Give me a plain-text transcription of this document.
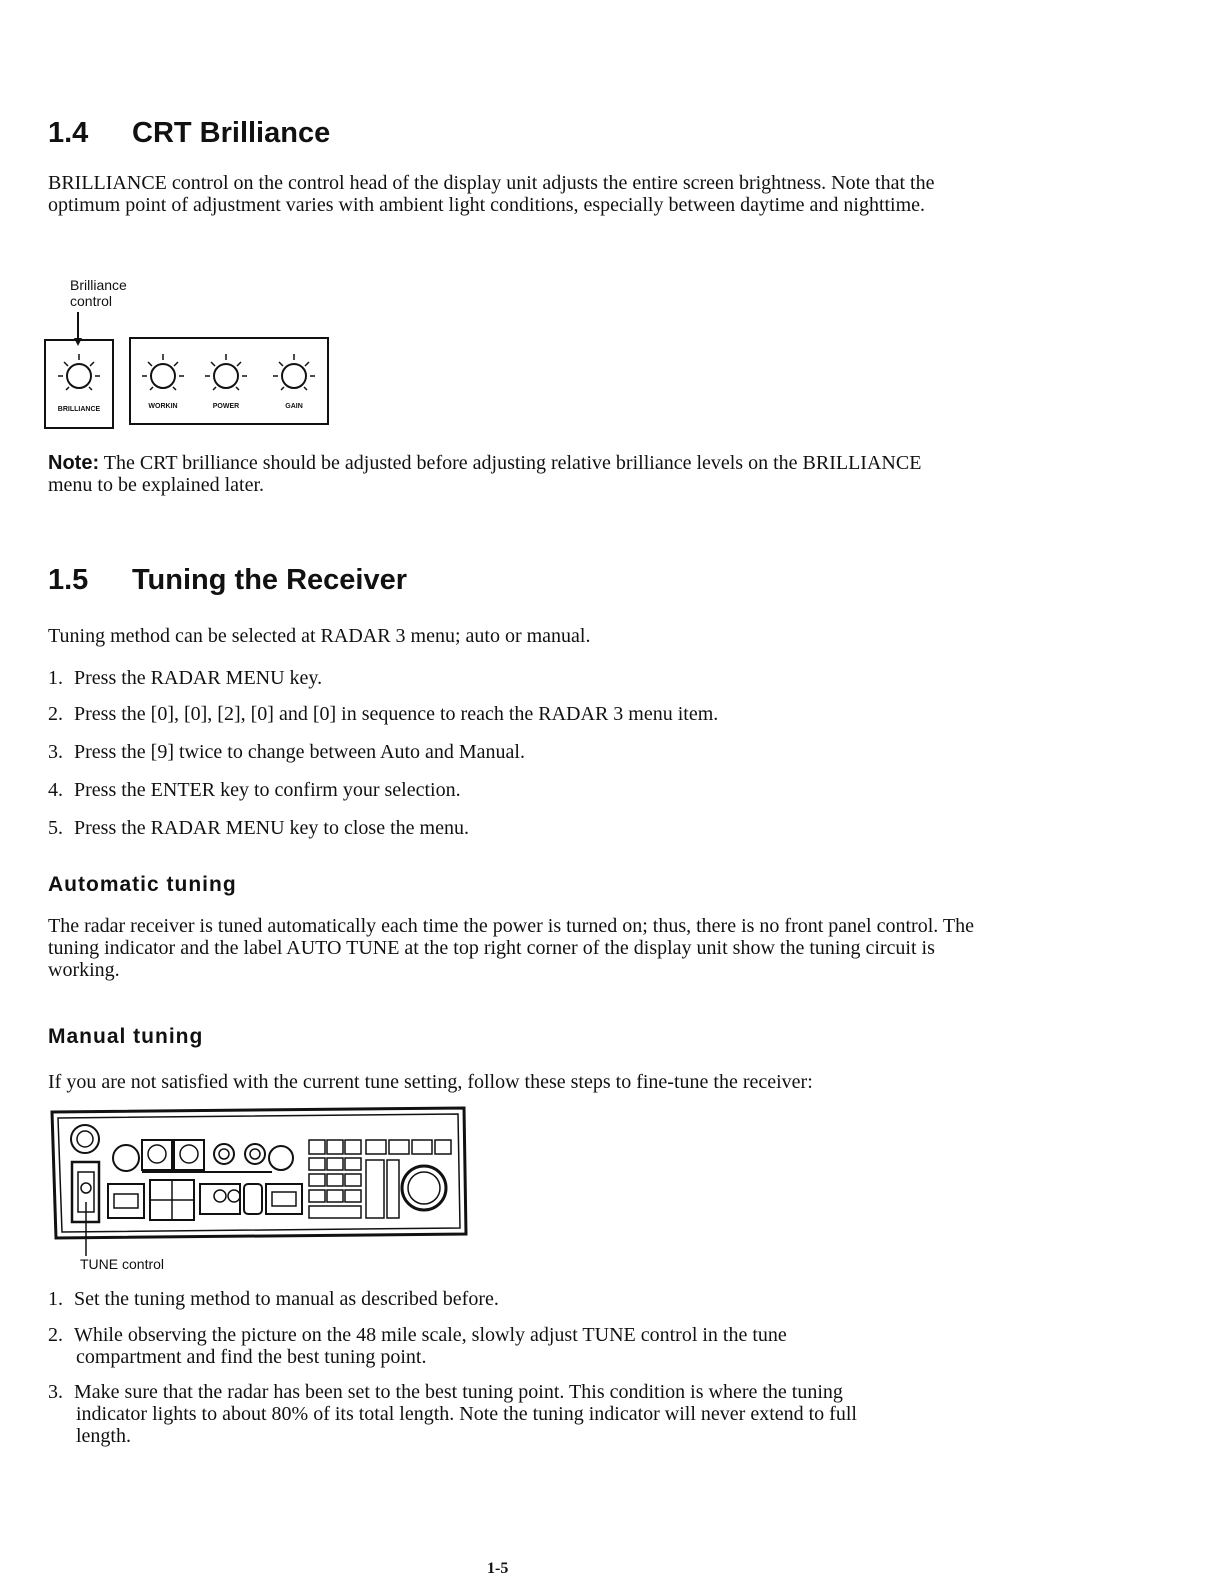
1.4 CRT Brilliance

BRILLIANCE control on the control head of the display unit adjusts the entire screen brightness. Note that the optimum point of adjustment varies with ambient light conditions, especially between daytime and nighttime.

Brilliance
control
BRILLIANCE	WORKIN	POWER	GAIN

Note: The CRT brilliance should be adjusted before adjusting relative brilliance levels on the BRILLIANCE menu to be explained later.

1.5 Tuning the Receiver

Tuning method can be selected at RADAR 3 menu; auto or manual.

1. Press the RADAR MENU key.
2. Press the [0], [0], [2], [0] and [0] in sequence to reach the RADAR 3 menu item.
3. Press the [9] twice to change between Auto and Manual.
4. Press the ENTER key to confirm your selection.
5. Press the RADAR MENU key to close the menu.
Automatic tuning

The radar receiver is tuned automatically each time the power is turned on; thus, there is no front panel control. The tuning indicator and the label AUTO TUNE at the top right corner of the display unit show the tuning circuit is working.

Manual tuning

If you are not satisfied with the current tune setting, follow these steps to fine-tune the receiver:

TUNE control
1. Set the tuning method to manual as described before.
2. While observing the picture on the 48 mile scale, slowly adjust TUNE control in the tune
compartment and find the best tuning point.
3. Make sure that the radar has been set to the best tuning point. This condition is where the tuning
indicator lights to about 80% of its total length. Note the tuning indicator will never extend to full
length.
1-5
